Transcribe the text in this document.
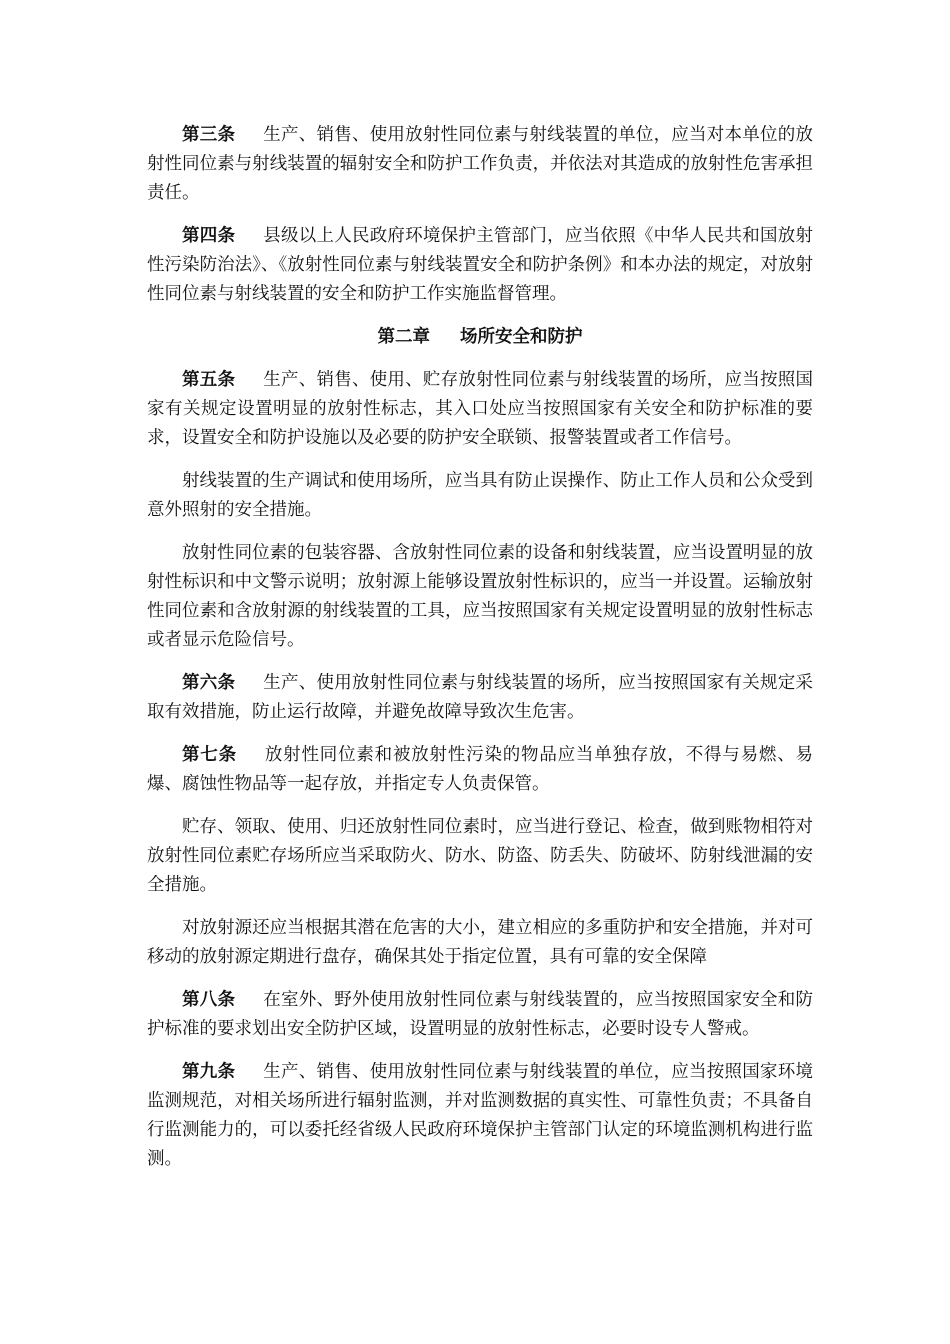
第三条 生产、销售、使用放射性同位素与射线装置的单位，应当对本单位的放射性同位素与射线装置的辐射安全和防护工作负责，并依法对其造成的放射性危害承担责任。

第四条 县级以上人民政府环境保护主管部门，应当依照《中华人民共和国放射性污染防治法》、《放射性同位素与射线装置安全和防护条例》和本办法的规定，对放射性同位素与射线装置的安全和防护工作实施监督管理。

第二章 场所安全和防护

第五条 生产、销售、使用、贮存放射性同位素与射线装置的场所，应当按照国家有关规定设置明显的放射性标志，其入口处应当按照国家有关安全和防护标准的要求，设置安全和防护设施以及必要的防护安全联锁、报警装置或者工作信号。

射线装置的生产调试和使用场所，应当具有防止误操作、防止工作人员和公众受到意外照射的安全措施。

放射性同位素的包装容器、含放射性同位素的设备和射线装置，应当设置明显的放射性标识和中文警示说明；放射源上能够设置放射性标识的，应当一并设置。运输放射性同位素和含放射源的射线装置的工具，应当按照国家有关规定设置明显的放射性标志或者显示危险信号。

第六条 生产、使用放射性同位素与射线装置的场所，应当按照国家有关规定采取有效措施，防止运行故障，并避免故障导致次生危害。

第七条 放射性同位素和被放射性污染的物品应当单独存放，不得与易燃、易爆、腐蚀性物品等一起存放，并指定专人负责保管。

贮存、领取、使用、归还放射性同位素时，应当进行登记、检查，做到账物相符对放射性同位素贮存场所应当采取防火、防水、防盗、防丢失、防破坏、防射线泄漏的安全措施。

对放射源还应当根据其潜在危害的大小，建立相应的多重防护和安全措施，并对可移动的放射源定期进行盘存，确保其处于指定位置，具有可靠的安全保障

第八条 在室外、野外使用放射性同位素与射线装置的，应当按照国家安全和防护标准的要求划出安全防护区域，设置明显的放射性标志，必要时设专人警戒。

第九条 生产、销售、使用放射性同位素与射线装置的单位，应当按照国家环境监测规范，对相关场所进行辐射监测，并对监测数据的真实性、可靠性负责；不具备自行监测能力的，可以委托经省级人民政府环境保护主管部门认定的环境监测机构进行监测。
